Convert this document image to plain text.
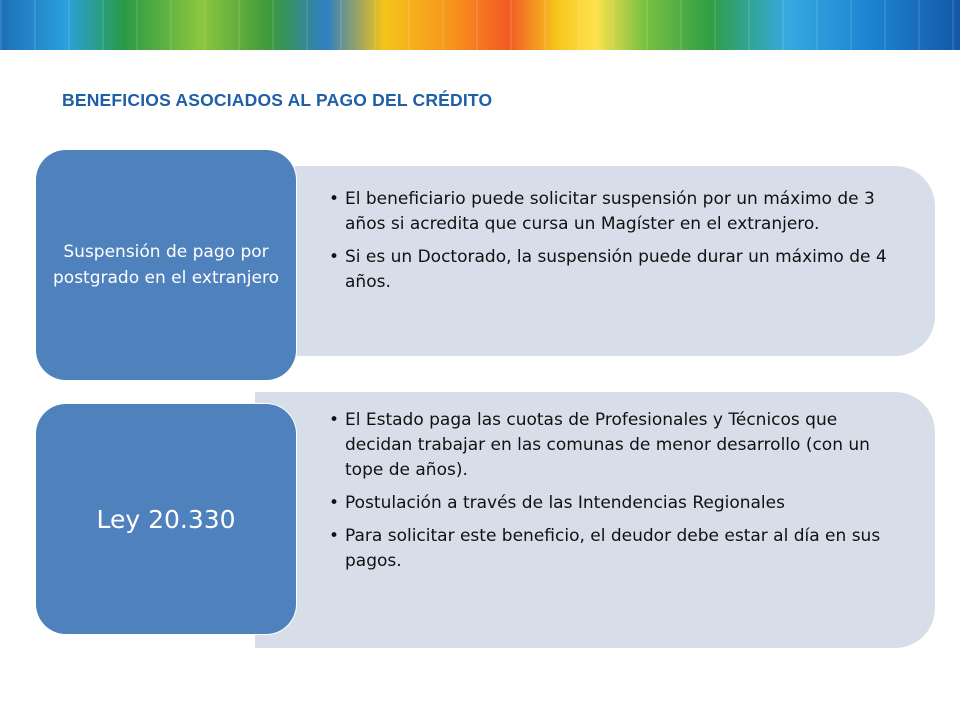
BENEFICIOS ASOCIADOS AL PAGO DEL CRÉDITO
• El beneficiario puede solicitar suspensión por un máximo de 3 años si acredita que cursa un Magíster en el extranjero.
• Si es un Doctorado, la suspensión puede durar un máximo de 4 años.
Suspensión de pago por postgrado en el extranjero
• El Estado paga las cuotas de Profesionales y Técnicos que decidan trabajar en las comunas de menor desarrollo (con un tope de años).
• Postulación a través de las Intendencias Regionales
• Para solicitar este beneficio, el deudor debe estar al día en sus pagos.
Ley 20.330
